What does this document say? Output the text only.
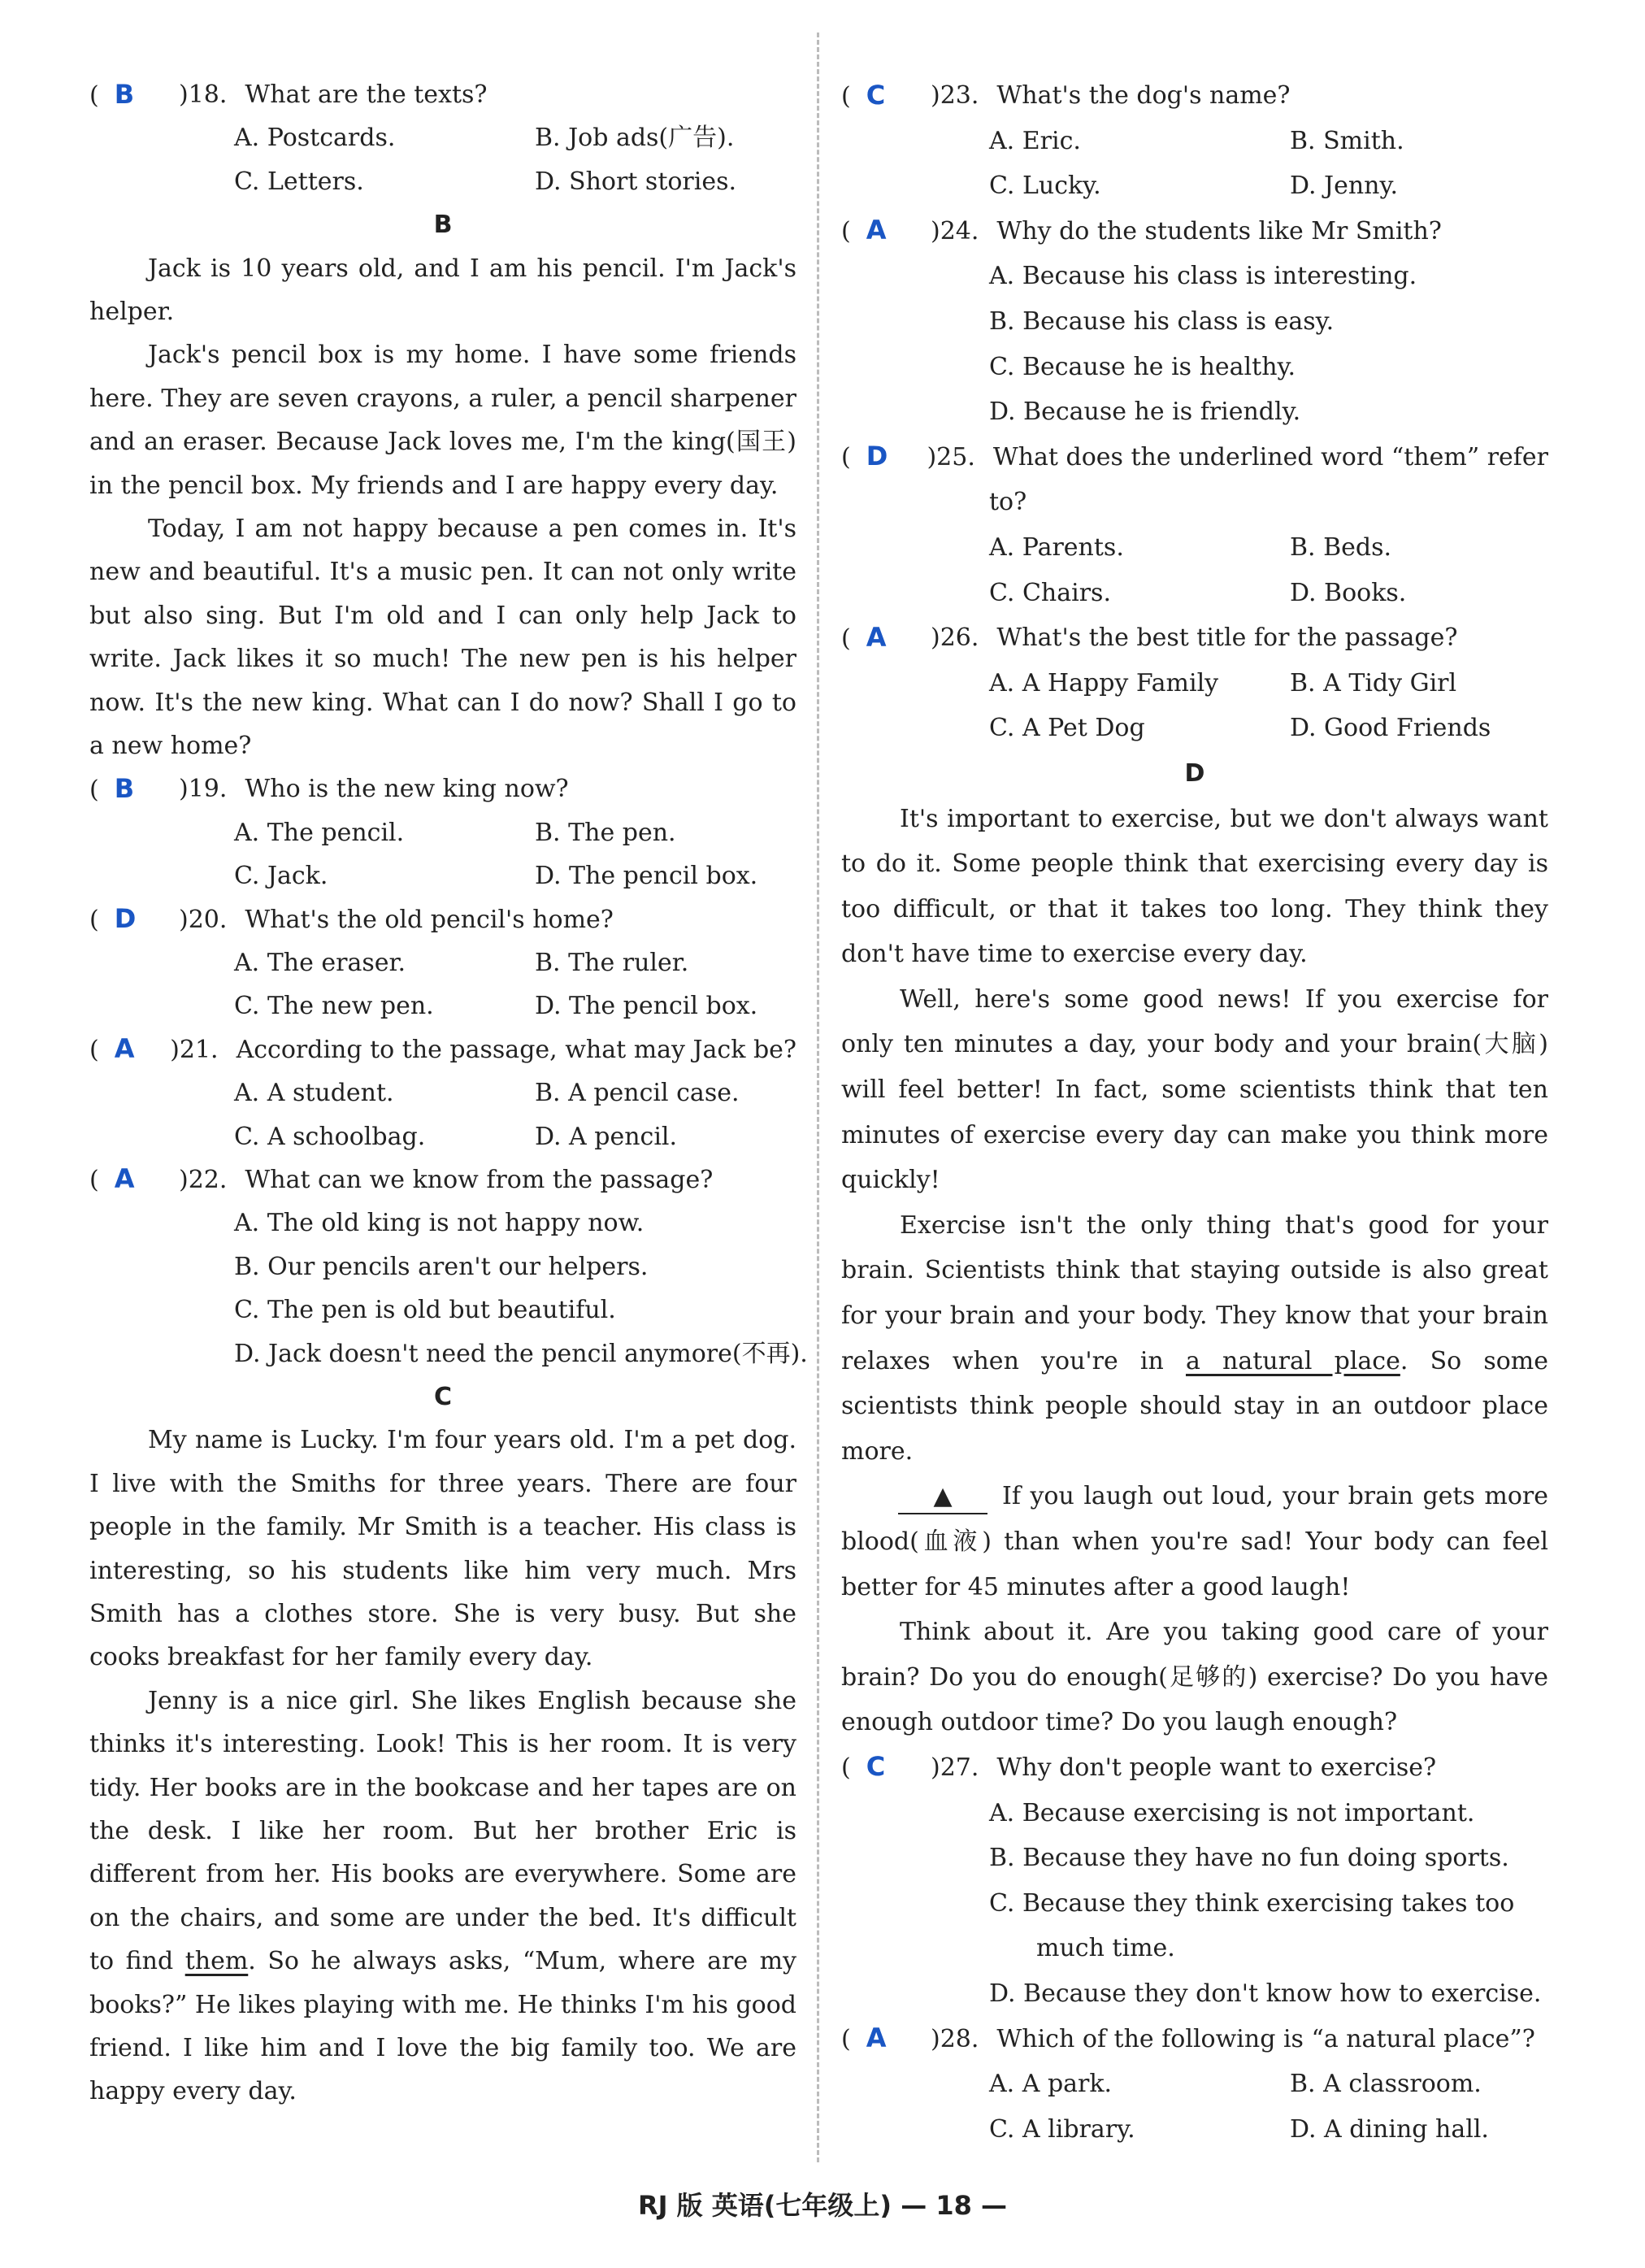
(  B	)18. What are the texts?
A. Postcards.	B. Job ads(广告).
C. Letters.	D. Short stories.
B

Jack is 10 years old, and I am his pencil. I'm Jack's helper.

Jack's pencil box is my home. I have some friends here. They are seven crayons, a ruler, a pencil sharpener and an eraser. Because Jack loves me, I'm the king(国王) in the pencil box. My friends and I are happy every day.

Today, I am not happy because a pen comes in. It's new and beautiful. It's a music pen. It can not only write but also sing. But I'm old and I can only help Jack to write. Jack likes it so much! The new pen is his helper now. It's the new king. What can I do now? Shall I go to a new home?

(  B	)19. Who is the new king now?
A. The pencil.	B. The pen.
C. Jack.	D. The pencil box.
(  D	)20. What's the old pencil's home?
A. The eraser.	B. The ruler.
C. The new pen.	D. The pencil box.
(  A	)21. According to the passage, what may Jack be?
A. A student.	B. A pencil case.
C. A schoolbag.	D. A pencil.
(  A	)22. What can we know from the passage?
A. The old king is not happy now.
B. Our pencils aren't our helpers.
C. The pen is old but beautiful.
D. Jack doesn't need the pencil anymore(不再).
C

My name is Lucky. I'm four years old. I'm a pet dog. I live with the Smiths for three years. There are four people in the family. Mr Smith is a teacher. His class is interesting, so his students like him very much. Mrs Smith has a clothes store. She is very busy. But she cooks breakfast for her family every day.

Jenny is a nice girl. She likes English because she thinks it's interesting. Look! This is her room. It is very tidy. Her books are in the bookcase and her tapes are on the desk. I like her room. But her brother Eric is different from her. His books are everywhere. Some are on the chairs, and some are under the bed. It's difficult to find them. So he always asks, “Mum, where are my books?” He likes playing with me. He thinks I'm his good friend. I like him and I love the big family too. We are happy every day.

(  C	)23. What's the dog's name?
A. Eric.	B. Smith.
C. Lucky.	D. Jenny.
(  A	)24. Why do the students like Mr Smith?
A. Because his class is interesting.
B. Because his class is easy.
C. Because he is healthy.
D. Because he is friendly.
(  D	)25. What does the underlined word “them” refer
to?
A. Parents.	B. Beds.
C. Chairs.	D. Books.
(  A	)26. What's the best title for the passage?
A. A Happy Family	B. A Tidy Girl
C. A Pet Dog	D. Good Friends
D

It's important to exercise, but we don't always want to do it. Some people think that exercising every day is too difficult, or that it takes too long. They think they don't have time to exercise every day.

Well, here's some good news! If you exercise for only ten minutes a day, your body and your brain(大脑) will feel better! In fact, some scientists think that ten minutes of exercise every day can make you think more quickly!

Exercise isn't the only thing that's good for your brain. Scientists think that staying outside is also great for your brain and your body. They know that your brain relaxes when you're in a natural place. So some scientists think people should stay in an outdoor place more.

▲ If you laugh out loud, your brain gets more blood(血液) than when you're sad! Your body can feel better for 45 minutes after a good laugh!

Think about it. Are you taking good care of your brain? Do you do enough(足够的) exercise? Do you have enough outdoor time? Do you laugh enough?

(  C	)27. Why don't people want to exercise?
A. Because exercising is not important.
B. Because they have no fun doing sports.
C. Because they think exercising takes too
much time.
D. Because they don't know how to exercise.
(  A	)28. Which of the following is “a natural place”?
A. A park.	B. A classroom.
C. A library.	D. A dining hall.
RJ 版 英语(七年级上) — 18 —
